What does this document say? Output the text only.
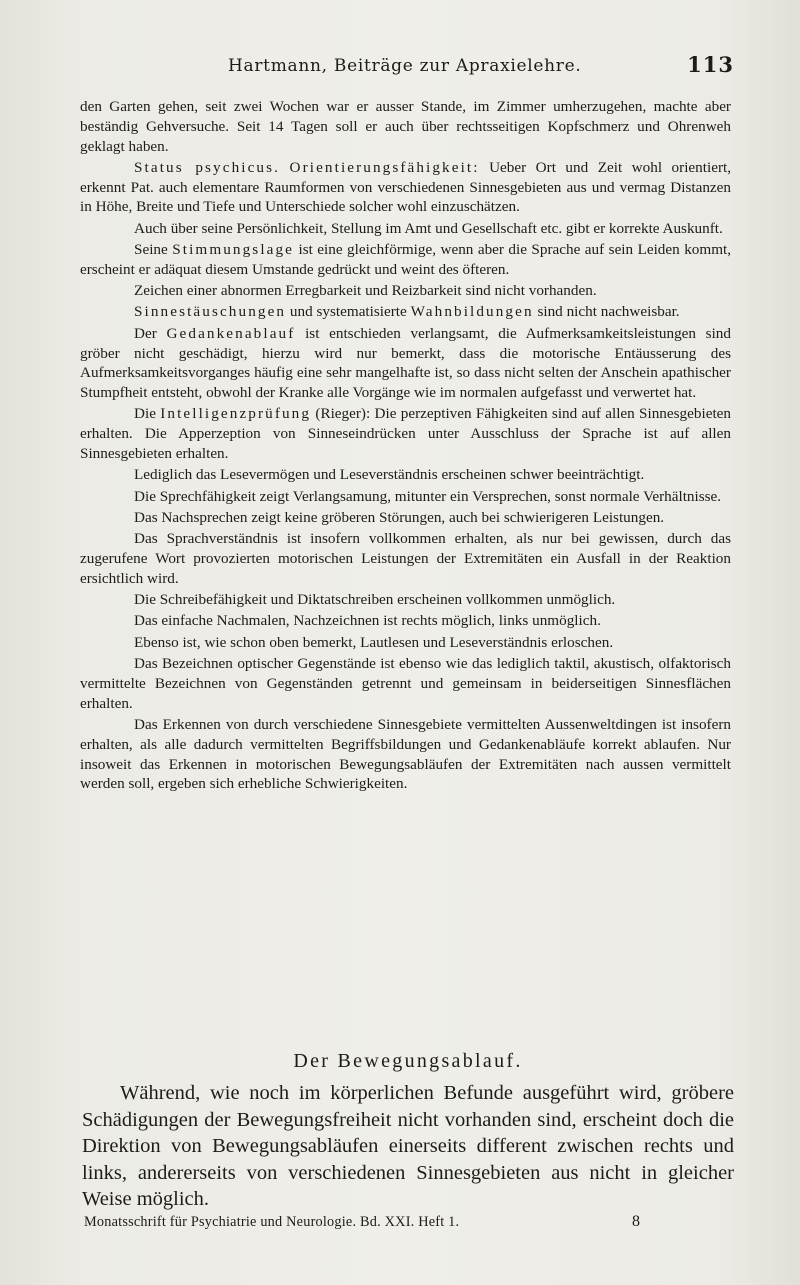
Hartmann, Beiträge zur Apraxielehre.	113

den Garten gehen, seit zwei Wochen war er ausser Stande, im Zimmer umherzugehen, machte aber beständig Gehversuche. Seit 14 Tagen soll er auch über rechtsseitigen Kopfschmerz und Ohrenweh geklagt haben.

Status psychicus. Orientierungsfähigkeit: Ueber Ort und Zeit wohl orientiert, erkennt Pat. auch elementare Raumformen von verschiedenen Sinnesgebieten aus und vermag Distanzen in Höhe, Breite und Tiefe und Unterschiede solcher wohl einzuschätzen.

Auch über seine Persönlichkeit, Stellung im Amt und Gesellschaft etc. gibt er korrekte Auskunft.

Seine Stimmungslage ist eine gleichförmige, wenn aber die Sprache auf sein Leiden kommt, erscheint er adäquat diesem Umstande gedrückt und weint des öfteren.

Zeichen einer abnormen Erregbarkeit und Reizbarkeit sind nicht vorhanden.

Sinnestäuschungen und systematisierte Wahnbildungen sind nicht nachweisbar.

Der Gedankenablauf ist entschieden verlangsamt, die Aufmerksamkeitsleistungen sind gröber nicht geschädigt, hierzu wird nur bemerkt, dass die motorische Entäusserung des Aufmerksamkeitsvorganges häufig eine sehr mangelhafte ist, so dass nicht selten der Anschein apathischer Stumpfheit entsteht, obwohl der Kranke alle Vorgänge wie im normalen aufgefasst und verwertet hat.

Die Intelligenzprüfung (Rieger): Die perzeptiven Fähigkeiten sind auf allen Sinnesgebieten erhalten. Die Apperzeption von Sinneseindrücken unter Ausschluss der Sprache ist auf allen Sinnesgebieten erhalten.

Lediglich das Lesevermögen und Leseverständnis erscheinen schwer beeinträchtigt.

Die Sprechfähigkeit zeigt Verlangsamung, mitunter ein Versprechen, sonst normale Verhältnisse.

Das Nachsprechen zeigt keine gröberen Störungen, auch bei schwierigeren Leistungen.

Das Sprachverständnis ist insofern vollkommen erhalten, als nur bei gewissen, durch das zugerufene Wort provozierten motorischen Leistungen der Extremitäten ein Ausfall in der Reaktion ersichtlich wird.

Die Schreibefähigkeit und Diktatschreiben erscheinen vollkommen unmöglich.

Das einfache Nachmalen, Nachzeichnen ist rechts möglich, links unmöglich.

Ebenso ist, wie schon oben bemerkt, Lautlesen und Leseverständnis erloschen.

Das Bezeichnen optischer Gegenstände ist ebenso wie das lediglich taktil, akustisch, olfaktorisch vermittelte Bezeichnen von Gegenständen getrennt und gemeinsam in beiderseitigen Sinnesflächen erhalten.

Das Erkennen von durch verschiedene Sinnesgebiete vermittelten Aussenweltdingen ist insofern erhalten, als alle dadurch vermittelten Begriffsbildungen und Gedankenabläufe korrekt ablaufen. Nur insoweit das Erkennen in motorischen Bewegungsabläufen der Extremitäten nach aussen vermittelt werden soll, ergeben sich erhebliche Schwierigkeiten.

Der Bewegungsablauf.

Während, wie noch im körperlichen Befunde ausgeführt wird, gröbere Schädigungen der Bewegungsfreiheit nicht vorhanden sind, erscheint doch die Direktion von Bewegungsabläufen einerseits different zwischen rechts und links, andererseits von verschiedenen Sinnesgebieten aus nicht in gleicher Weise möglich.

Monatsschrift für Psychiatrie und Neurologie. Bd. XXI. Heft 1.	8
